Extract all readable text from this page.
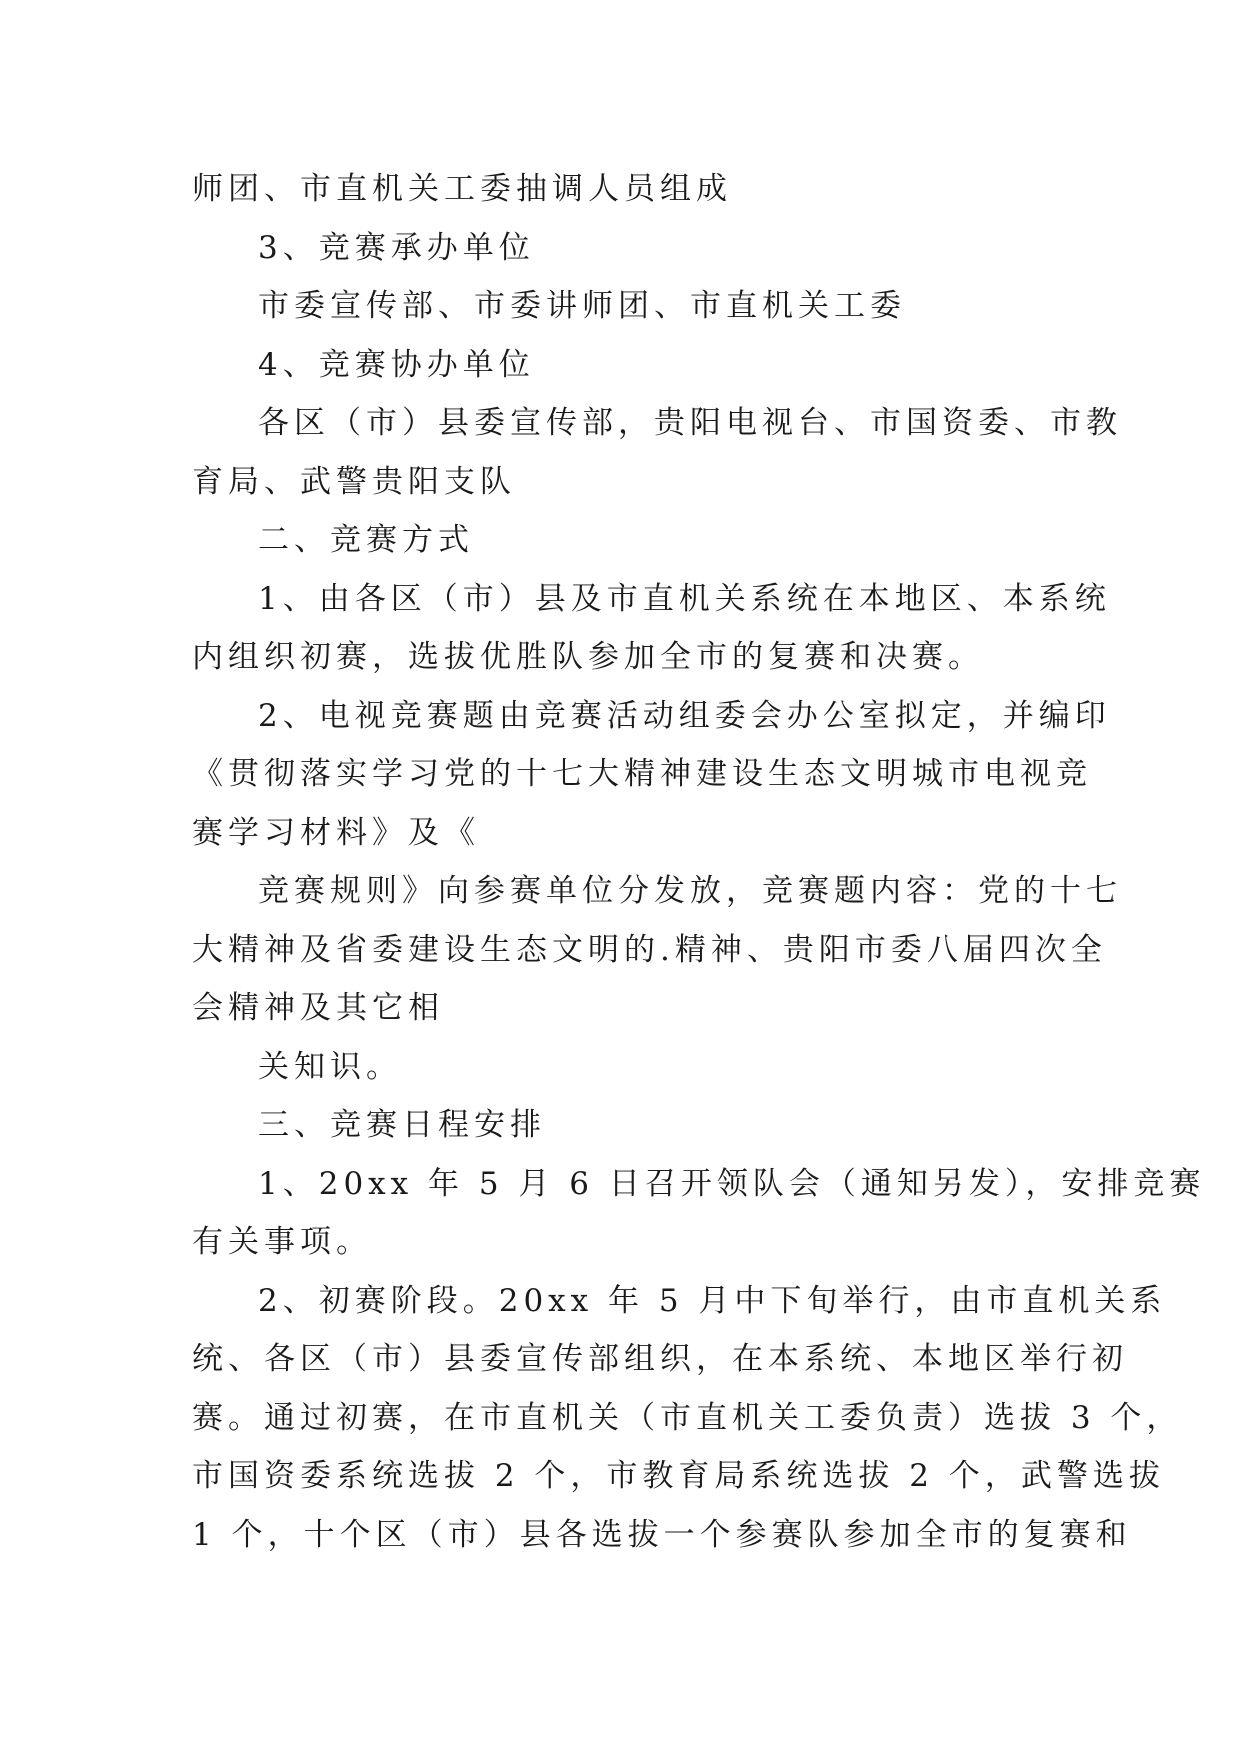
师团、市直机关工委抽调人员组成
3、竞赛承办单位
市委宣传部、市委讲师团、市直机关工委
4、竞赛协办单位
各区（市）县委宣传部，贵阳电视台、市国资委、市教
育局、武警贵阳支队
二、竞赛方式
1、由各区（市）县及市直机关系统在本地区、本系统
内组织初赛，选拔优胜队参加全市的复赛和决赛。
2、电视竞赛题由竞赛活动组委会办公室拟定，并编印
《贯彻落实学习党的十七大精神建设生态文明城市电视竞
赛学习材料》及《
竞赛规则》向参赛单位分发放，竞赛题内容：党的十七
大精神及省委建设生态文明的.精神、贵阳市委八届四次全
会精神及其它相
关知识。
三、竞赛日程安排
1、20xx 年 5 月 6 日召开领队会（通知另发），安排竞赛
有关事项。
2、初赛阶段。20xx 年 5 月中下旬举行，由市直机关系
统、各区（市）县委宣传部组织，在本系统、本地区举行初
赛。通过初赛，在市直机关（市直机关工委负责）选拔 3 个，
市国资委系统选拔 2 个，市教育局系统选拔 2 个，武警选拔
1 个，十个区（市）县各选拔一个参赛队参加全市的复赛和
